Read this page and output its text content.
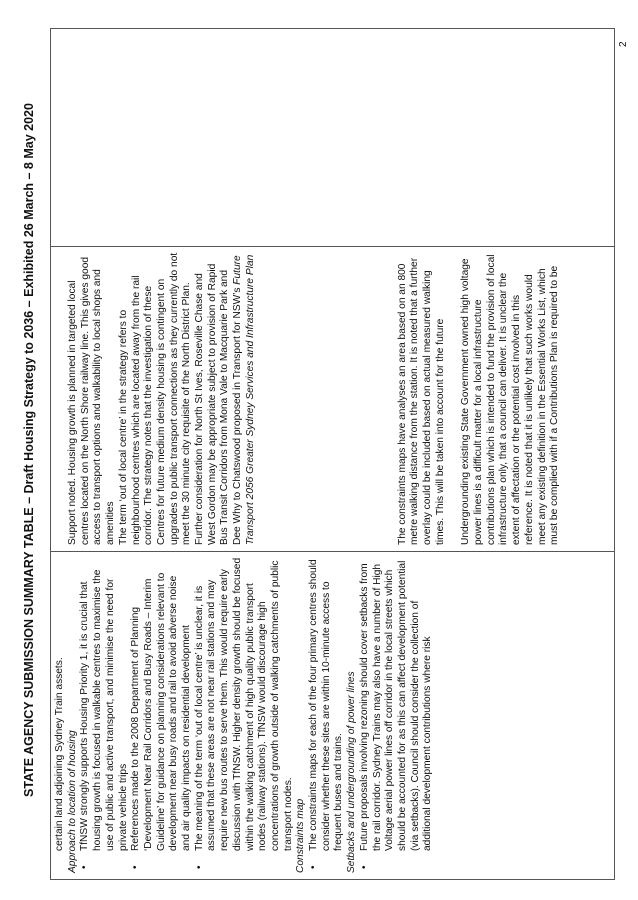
STATE AGENCY SUBMISSION SUMMARY TABLE – Draft Housing Strategy to 2036 – Exhibited 26 March – 8 May 2020 certain land adjoining Sydney Train assets. Approach to location of housing • TfNSW strongly supports Housing Priority 1, it is crucial that housing growth is focused in walkable centres to maximise the use of public and active transport, and minimise the need for private vehicle trips • References made to the 2008 Department of Planning ‘Development Near Rail Corridors and Busy Roads – Interim Guideline’ for guidance on planning considerations relevant to development near busy roads and rail to avoid adverse noise and air quality impacts on residential development • The meaning of the term ‘out of local centre’ is unclear, it is assumed that these areas are not near rail stations and may require new bus routes to serve them. This would require early discussion with TfNSW. Higher density growth should be focused within the walking catchment of high quality public transport nodes (railway stations). TfNSW would discourage high concentrations of growth outside of walking catchments of public transport nodes. Constraints map • The constraints maps for each of the four primary centres should consider whether these sites are within 10-minute access to frequent buses and trains. Setbacks and undergrounding of power lines • Future proposals involving rezoning should cover setbacks from the rail corridor. Sydney Trains may also have a number of High Voltage aerial power lines off corridor in the local streets which should be accounted for as this can affect development potential (via setbacks). Council should consider the collection of additional development contributions where risk

Support noted. Housing growth is planned in targeted local centres located on the North Shore railway line. This gives good access to transport options and walkability to local shops and amenities The term ‘out of local centre’ in the strategy refers to neighbourhood centres which are located away from the rail corridor. The strategy notes that the investigation of these Centres for future medium density housing is contingent on upgrades to public transport connections as they currently do not meet the 30 minute city requisite of the North District Plan. Further consideration for North St Ives, Roseville Chase and West Gordon may be appropriate subject to provision of Rapid Bus Transit Corridors from Mona Vale to Macquarie Park and Dee Why to Chatswood proposed in Transport for NSW’s Future Transport 2056 Greater Sydney Services and Infrastructure Plan	The constraints maps have analyses an area based on an 800 metre walking distance from the station. It is noted that a further overlay could be included based on actual measured walking times. This will be taken into account for the future Undergrounding existing State Government owned high voltage power lines is a difficult matter for a local infrastructure contributions plan which is intended to fund the provision of local infrastructure only, that a council can deliver. It is unclear the extent of affectation or the potential cost involved in this reference. It is noted that it is unlikely that such works would meet any existing definition in the Essential Works List, which must be complied with if a Contributions Plan is required to be

2
